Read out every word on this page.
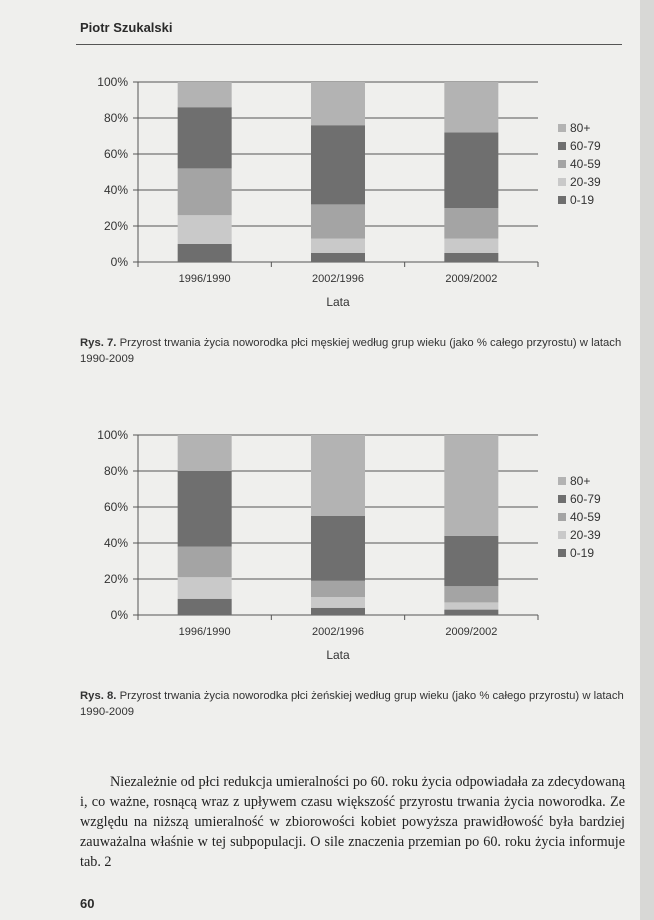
Piotr Szukalski
0%
20%
40%
60%
80%
100%
1996/1990	2002/1996	2009/2002
Lata
80+
60-79
40-59
20-39
0-19
Rys. 7. Przyrost trwania życia noworodka płci męskiej według grup wieku (jako % całego przyrostu) w latach 1990-2009
0%
20%
40%
60%
80%
100%
1996/1990	2002/1996	2009/2002
Lata
80+
60-79
40-59
20-39
0-19
Rys. 8. Przyrost trwania życia noworodka płci żeńskiej według grup wieku (jako % całego przyrostu) w latach 1990-2009

Niezależnie od płci redukcja umieralności po 60. roku życia odpowiadała za zdecydowaną i, co ważne, rosnącą wraz z upływem czasu większość przyrostu trwania życia noworodka. Ze względu na niższą umieralność w zbiorowości kobiet powyższa prawidłowość była bardziej zauważalna właśnie w tej subpopulacji. O sile znaczenia przemian po 60. roku życia informuje tab. 2

60
